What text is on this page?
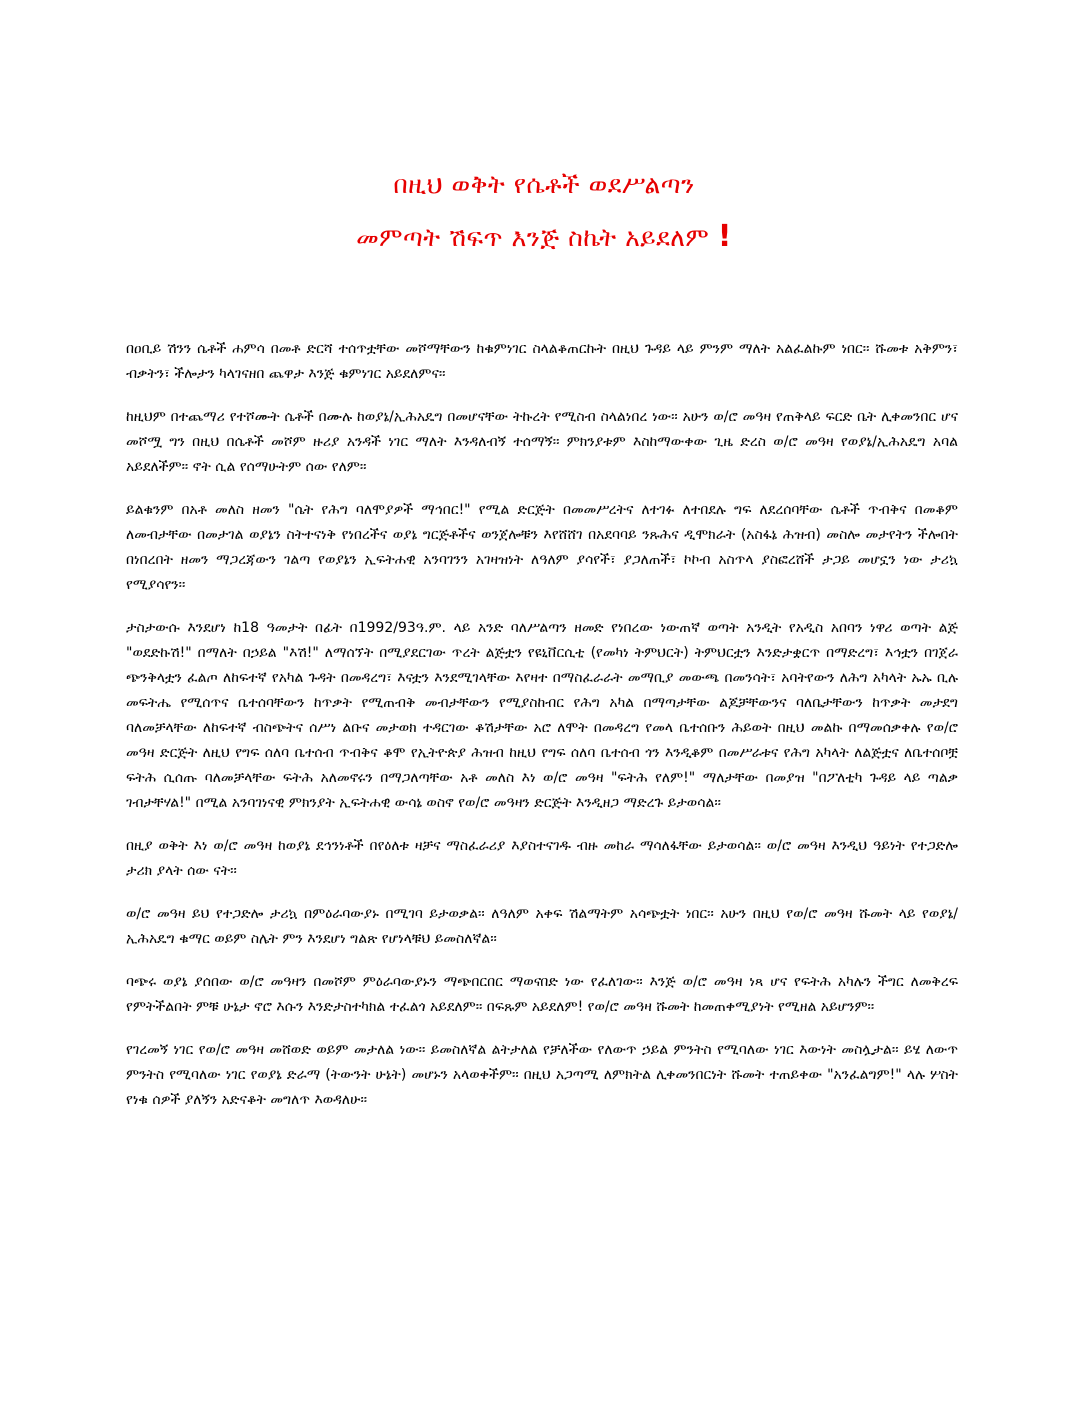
በዚህ ወቅት የሴቶች ወደሥልጣን

መምጣት ሽፍጥ እንጅ ስኬት አይደለም !

በዐቢይ ሽንን ሴቶች ሐምሳ በመቶ ድርሻ ተሰጥቷቸው መሾማቸውን ከቁምነገር ስላልቆጠርኩት በዚህ ጉዳይ ላይ ምንም ማለት አልፈልኩም ነበር፡፡ ሹመቱ አቅምን፣ ብቃትን፣ ችሎታን ካላገናዘበ ጨዋታ እንጅ ቁምነገር አይደለምና፡፡

ከዚህም በተጨማሪ የተሾሙት ሴቶች በሙሉ ከወያኔ/ኢሕአዴግ በመሆናቸው ትኩረት የሚስብ ስላልነበረ ነው፡፡ አሁን ወ/ሮ መዓዛ የጠቅላይ ፍርድ ቤት ሊቀመንበር ሆና መሾሟ ግን በዚህ በሴቶች መሾም ዙሪያ አንዳች ነገር ማለት እንዳለብኝ ተሰማኝ፡፡ ምክንያቱም እስከማውቀው ጊዜ ድረስ ወ/ሮ መዓዛ የወያኔ/ኢሕአዴግ አባል አይደለችም፡፡ ኖት ሲል የሰማሁትም ሰው የለም፡፡

ይልቁንም በአቶ መለስ ዘመን "ሴት የሕግ ባለሞያዎች ማኅበር!" የሚል ድርጅት በመመሥረትና ለተገፉ ለተበደሉ ግፍ ለደረሰባቸው ሴቶች ጥብቅና በመቆም ለመብታቸው በመታገል ወያኔን ስትተናነቅ የነበረችና ወያኔ ግርጅቶችና ወንጀሎቹን እየሸሸገ በአደባባይ ንጹሕና ዲሞክራት (አስፋኔ ሕዝብ) መስሎ መታየትን ችሎበት በነበረበት ዘመን ማጋረጃውን ገልጣ የወያኔን ኢፍትሐዊ አንባገንን አገዛዝነት ለዓለም ያሳየች፣ ያጋለጠች፣ ኮኮብ አስጥላ ያስፎረሸች ታጋይ መሆኗን ነው ታሪኳ የሚያሳየን፡፡

ታስታውሱ እንደሆነ ከ18 ዓመታት በፊት በ1992/93ዓ.ም. ላይ አንድ ባለሥልጣን ዘመድ የነበረው ነውጠኛ ወጣት አንዲት የአዲስ አበባን ነዋሪ ወጣት ልጅ "ወደድኩሽ!" በማለት በኃይል "እሽ!" ለማሰኘት በሚያደርገው ጥረት ልጅቷን የዩኒቨርሲቲ (የመካነ ትምህርት) ትምህርቷን እንድታቋርጥ በማድረግ፣ እኅቷን በገጀራ ጭንቅላቷን ፈልጦ ለከፍተኛ የአካል ጉዳት በመዳረግ፣ እናቷን እንደሚገላቸው እየዛተ በማስፈራራት መማቢያ መውጫ በመንሳት፣ አባትየውን ለሕግ አካላት ኡኡ ቢሉ መፍትሔ የሚሰጥና ቤተሰባቸውን ከጥቃት የሚጠብቅ መብታቸውን የሚያስከብር የሕግ አካል በማጣታቸው ልጆቻቸውንና ባለቤታቸውን ከጥቃት መታደግ ባለመቻላቸው ለከፍተኛ ብስጭትና ሰሥነ ልቡና መታወክ ተዳርገው ቆሽታቸው አሮ ለሞት በመዳረግ የመላ ቤተሰቡን ሕይወት በዚህ መልኩ በማመሰቃቀሉ የወ/ሮ መዓዛ ድርጅት ለዚህ የግፍ ሰለባ ቤተሰብ ጥብቅና ቆሞ የኢትዮጵያ ሕዝብ ከዚህ የግፍ ሰለባ ቤተሰብ ጎን እንዲቆም በመሥራቱና የሕግ አካላት ለልጅቷና ለቤተሰቦቿ ፍትሕ ሲሰጡ ባለመቻላቸው ፍትሕ አለመኖሩን በማጋለጣቸው አቶ መለስ እነ ወ/ሮ መዓዛ "ፍትሕ የለም!" ማለታቸው በመያዝ "በፖለቲካ ጉዳይ ላይ ጣልቃ ገብታቸሃል!" በሚል አንባገነናዊ ምክንያት ኢፍትሐዊ ውሳኔ ወስኖ የወ/ሮ መዓዛን ድርጅት እንዲዘጋ ማድረጉ ይታወሳል፡፡

በዚያ ወቅት እነ ወ/ሮ መዓዛ ከወያኔ ደኅንነቶች በየዕለቱ ዛቻና ማስፈራሪያ እያስተናገዱ ብዙ መከራ ማሳለፋቸው ይታወሳል፡፡ ወ/ሮ መዓዛ እንዲህ ዓይነት የተጋድሎ ታሪክ ያላት ሰው ናት፡፡

ወ/ሮ መዓዛ ይህ የተጋድሎ ታሪኳ በምዕራባውያኑ በሚገባ ይታወቃል፡፡ ለዓለም አቀፍ ሽልማትም አሳጭቷት ነበር፡፡ አሁን በዚህ የወ/ሮ መዓዛ ሹመት ላይ የወያኔ/ኢሕአዴግ ቁማር ወይም ስሌት ምን እንደሆነ ግልጽ የሆነላቹህ ይመስለኛል፡፡

ባጭሩ ወያኔ ያሰበው ወ/ሮ መዓዛን በመሾም ምዕራባውያኑን ማጭበርበር ማወናበድ ነው የፈለገው፡፡ እንጅ ወ/ሮ መዓዛ ነጻ ሆና የፍትሕ አካሉን ችግር ለመቅረፍ የምትችልበት ምቹ ሁኔታ ኖሮ እሱን እንድታስተካክል ተፈልጎ አይደለም፡፡ በፍጹም አይደለም! የወ/ሮ መዓዛ ሹመት ከመጠቀሚያነት የሚዘል አይሆንም፡፡

የገረመኝ ነገር የወ/ሮ መዓዛ መሸወድ ወይም መታለል ነው፡፡ ይመስለኛል ልትታለል የቻለችው የለውጥ ኃይል ምንትስ የሚባለው ነገር እውነት መስሏታል፡፡ ይሄ ለውጥ ምንትስ የሚባለው ነገር የወያኔ ድራማ (ትውንት ሁኔት) መሆኑን አላወቀችም፡፡ በዚህ አጋጣሚ ለምክትል ሊቀመንበርነት ሹመት ተጠይቀው "አንፈልግም!" ላሉ ሦስት የነቁ ሰዎች ያለኝን አድናቆት መግለጥ እወዳለሁ፡፡
